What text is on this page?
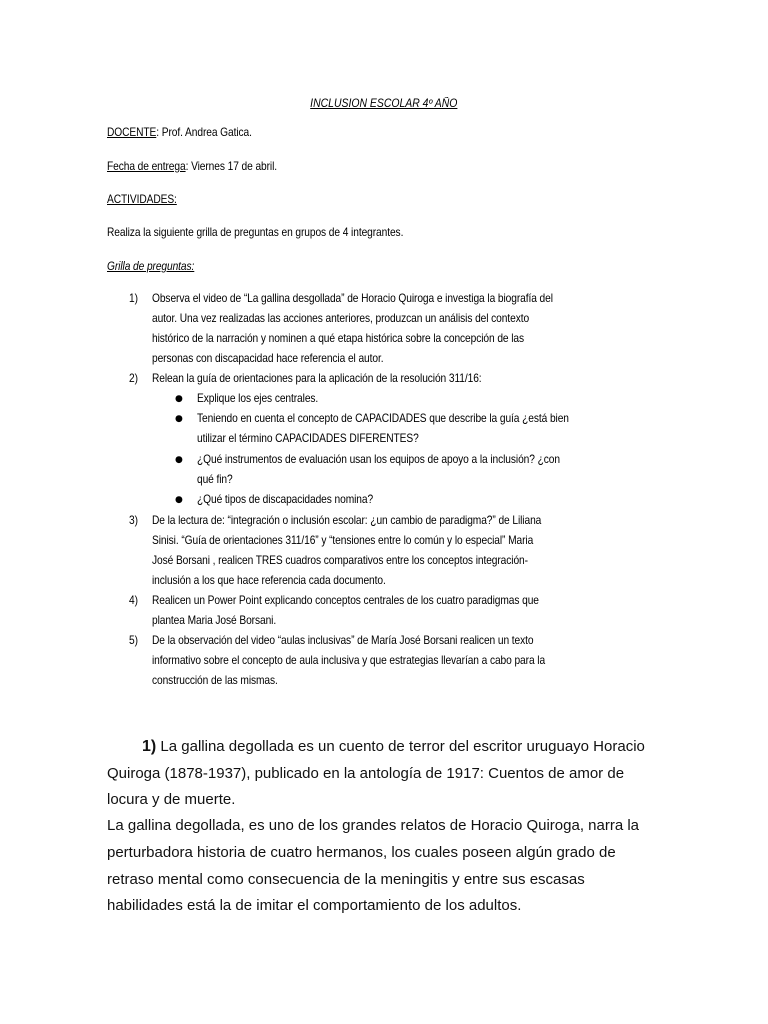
INCLUSION ESCOLAR 4º AÑO
DOCENTE: Prof. Andrea Gatica.
Fecha de entrega: Viernes 17 de abril.
ACTIVIDADES:
Realiza la siguiente grilla de preguntas en grupos de 4 integrantes.
Grilla de preguntas:
1) Observa el video de “La gallina desgollada” de Horacio Quiroga e investiga la biografía del
autor. Una vez realizadas las acciones anteriores, produzcan un análisis del contexto
histórico de la narración y nominen a qué etapa histórica sobre la concepción de las
personas con discapacidad hace referencia el autor.
2) Relean la guía de orientaciones para la aplicación de la resolución 311/16:
● Explique los ejes centrales.
● Teniendo en cuenta el concepto de CAPACIDADES que describe la guía ¿está bien
utilizar el término CAPACIDADES DIFERENTES?
● ¿Qué instrumentos de evaluación usan los equipos de apoyo a la inclusión? ¿con
qué fin?
● ¿Qué tipos de discapacidades nomina?
3) De la lectura de: “integración o inclusión escolar: ¿un cambio de paradigma?” de Liliana
Sinisi. “Guía de orientaciones 311/16” y “tensiones entre lo común y lo especial” Maria
José Borsani , realicen TRES cuadros comparativos entre los conceptos integración-
inclusión a los que hace referencia cada documento.
4) Realicen un Power Point explicando conceptos centrales de los cuatro paradigmas que
plantea Maria José Borsani.
5) De la observación del video “aulas inclusivas” de María José Borsani realicen un texto
informativo sobre el concepto de aula inclusiva y que estrategias llevarían a cabo para la
construcción de las mismas.
1) La gallina degollada es un cuento de terror del escritor uruguayo Horacio
Quiroga (1878-1937), publicado en la antología de 1917: Cuentos de amor de
locura y de muerte.
La gallina degollada, es uno de los grandes relatos de Horacio Quiroga, narra la
perturbadora historia de cuatro hermanos, los cuales poseen algún grado de
retraso mental como consecuencia de la meningitis y entre sus escasas
habilidades está la de imitar el comportamiento de los adultos.
